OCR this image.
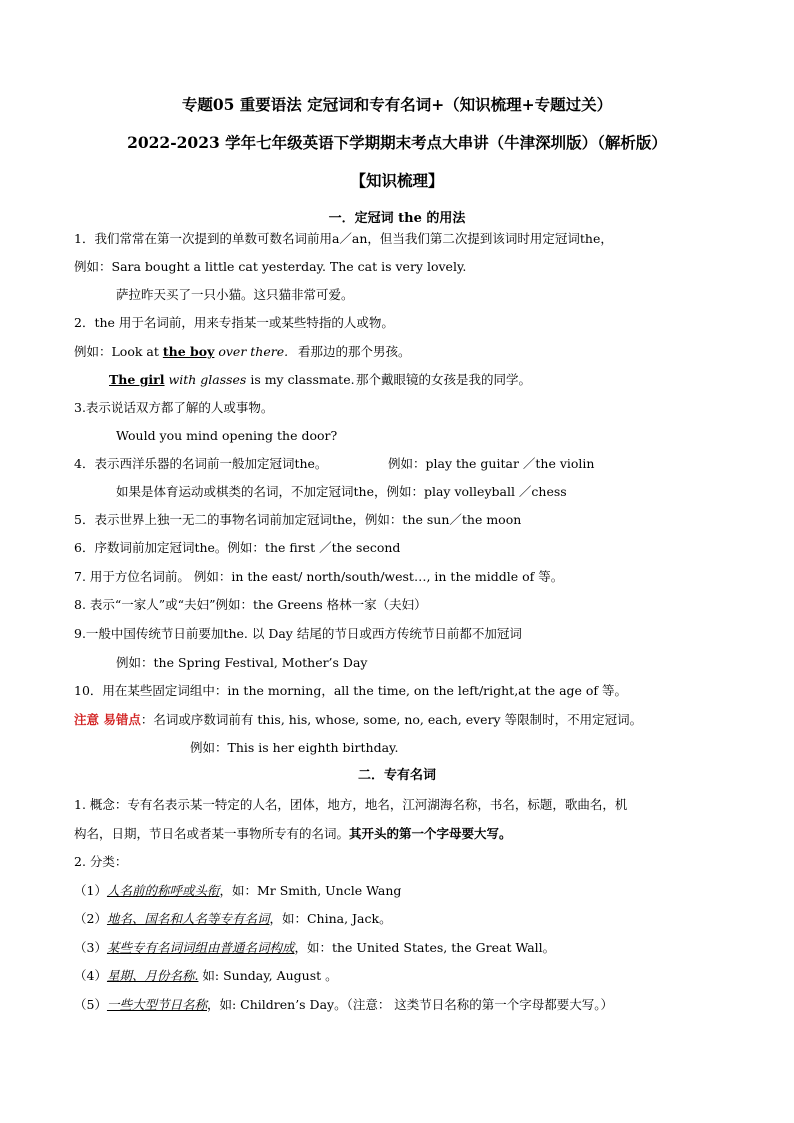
专题05 重要语法 定冠词和专有名词+（知识梳理+专题过关）
2022-2023 学年七年级英语下学期期末考点大串讲（牛津深圳版）（解析版）
【知识梳理】
一．定冠词 the 的用法
1．我们常常在第一次提到的单数可数名词前用a／an，但当我们第二次提到该词时用定冠词the，
例如：Sara bought a little cat yesterday. The cat is very lovely.
萨拉昨天买了一只小猫。这只猫非常可爱。
2．the 用于名词前，用来专指某一或某些特指的人或物。
例如：Look at the boy over there. 看那边的那个男孩。
The girl with glasses is my classmate. 那个戴眼镜的女孩是我的同学。
3.表示说话双方都了解的人或事物。
Would you mind opening the door?
4．表示西洋乐器的名词前一般加定冠词the。	例如：play the guitar ／the violin
如果是体育运动或棋类的名词，不加定冠词the，例如：play volleyball ／chess
5．表示世界上独一无二的事物名词前加定冠词the，例如：the sun／the moon
6．序数词前加定冠词the。例如：the first ／the second
7. 用于方位名词前。 例如：in the east/ north/south/west…, in the middle of 等。
8. 表示“一家人”或“夫妇”例如：the Greens 格林一家（夫妇）
9.一般中国传统节日前要加the. 以 Day 结尾的节日或西方传统节日前都不加冠词
例如：the Spring Festival, Mother’s Day
10．用在某些固定词组中：in the morning，all the time, on the left/right,at the age of 等。
注意 易错点：名词或序数词前有 this, his, whose, some, no, each, every 等限制时，不用定冠词。
例如：This is her eighth birthday.
二．专有名词
1. 概念：专有名表示某一特定的人名，团体，地方，地名，江河湖海名称，书名，标题，歌曲名，机
构名，日期，节日名或者某一事物所专有的名词。其开头的第一个字母要大写。
2. 分类：
（1）人名前的称呼或头衔，如：Mr Smith, Uncle Wang
（2）地名、国名和人名等专有名词，如：China, Jack。
（3）某些专有名词词组由普通名词构成，如：the United States, the Great Wall。
（4）星期、月份名称. 如: Sunday, August 。
（5）一些大型节日名称，如: Children’s Day。（注意： 这类节日名称的第一个字母都要大写。）
